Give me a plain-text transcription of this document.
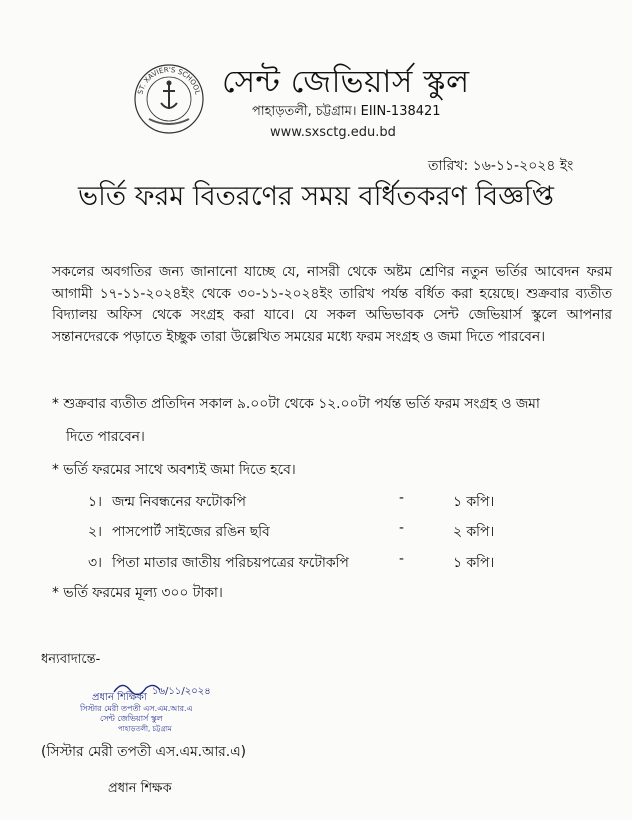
ST. XAVIER'S SCHOOL সেন্ট জেভিয়ার্স স্কুল
পাহাড়তলী, চট্টগ্রাম। EIIN-138421
www.sxsctg.edu.bd
তারিখ: ১৬-১১-২০২৪ ইং
ভর্তি ফরম বিতরণের সময় বর্ধিতকরণ বিজ্ঞপ্তি
সকলের অবগতির জন্য জানানো যাচ্ছে যে, নাসরী থেকে অষ্টম শ্রেণির নতুন ভর্তির আবেদন ফরম আগামী ১৭-১১-২০২৪ইং থেকে ৩০-১১-২০২৪ইং তারিখ পর্যন্ত বর্ধিত করা হয়েছে। শুক্রবার ব্যতীত বিদ্যালয় অফিস থেকে সংগ্রহ করা যাবে। যে সকল অভিভাবক সেন্ট জেভিয়ার্স স্কুলে আপনার সন্তানদেরকে পড়াতে ইচ্ছুক তারা উল্লেখিত সময়ের মধ্যে ফরম সংগ্রহ ও জমা দিতে পারবেন।
* শুক্রবার ব্যতীত প্রতিদিন সকাল ৯.০০টা থেকে ১২.০০টা পর্যন্ত ভর্তি ফরম সংগ্রহ ও জমা
দিতে পারবেন।
* ভর্তি ফরমের সাথে অবশ্যই জমা দিতে হবে।
১। জন্ম নিবন্ধনের ফটোকপি	-	১ কপি।
২। পাসপোর্ট সাইজের রঙিন ছবি	-	২ কপি।
৩। পিতা মাতার জাতীয় পরিচয়পত্রের ফটোকপি	-	১ কপি।
* ভর্তি ফরমের মূল্য ৩০০ টাকা।
ধন্যবাদান্তে-
১৬/১১/২০২৪
প্রধান শিক্ষিকা
সিস্টার মেরী তপতী এস.এম.আর.এ
সেন্ট জেভিয়ার্স স্কুল
পাহাড়তলী, চট্টগ্রাম
(সিস্টার মেরী তপতী এস.এম.আর.এ)
প্রধান শিক্ষক
